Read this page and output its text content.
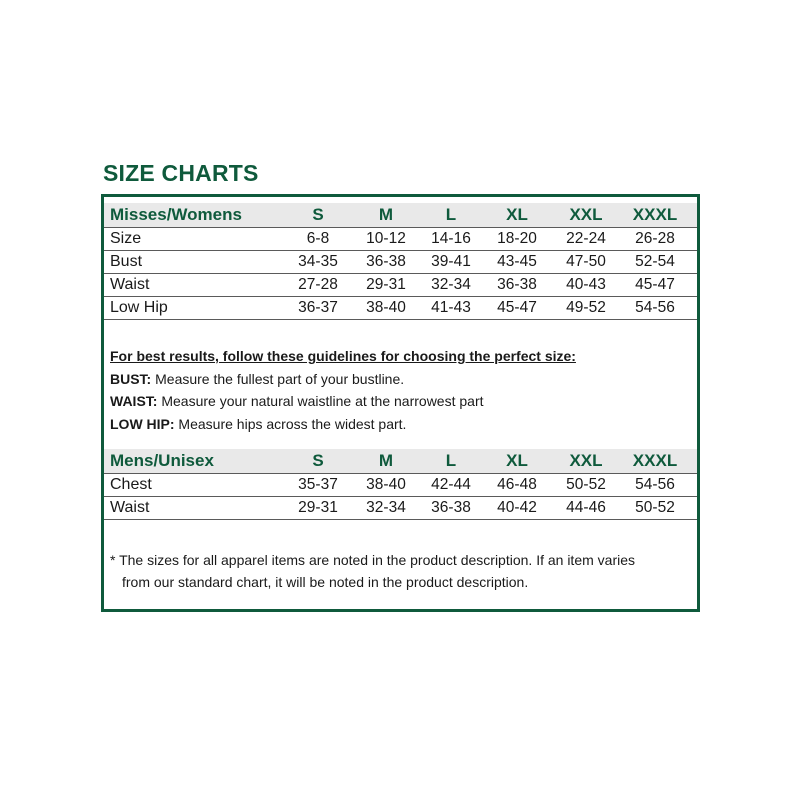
SIZE CHARTS
Misses/Womens	S	M	L	XL	XXL	XXXL
Size	6-8	10-12	14-16	18-20	22-24	26-28
Bust	34-35	36-38	39-41	43-45	47-50	52-54
Waist	27-28	29-31	32-34	36-38	40-43	45-47
Low Hip	36-37	38-40	41-43	45-47	49-52	54-56
For best results, follow these guidelines for choosing the perfect size:
BUST: Measure the fullest part of your bustline.
WAIST: Measure your natural waistline at the narrowest part
LOW HIP: Measure hips across the widest part.
Mens/Unisex	S	M	L	XL	XXL	XXXL
Chest	35-37	38-40	42-44	46-48	50-52	54-56
Waist	29-31	32-34	36-38	40-42	44-46	50-52
* The sizes for all apparel items are noted in the product description. If an item varies
from our standard chart, it will be noted in the product description.
